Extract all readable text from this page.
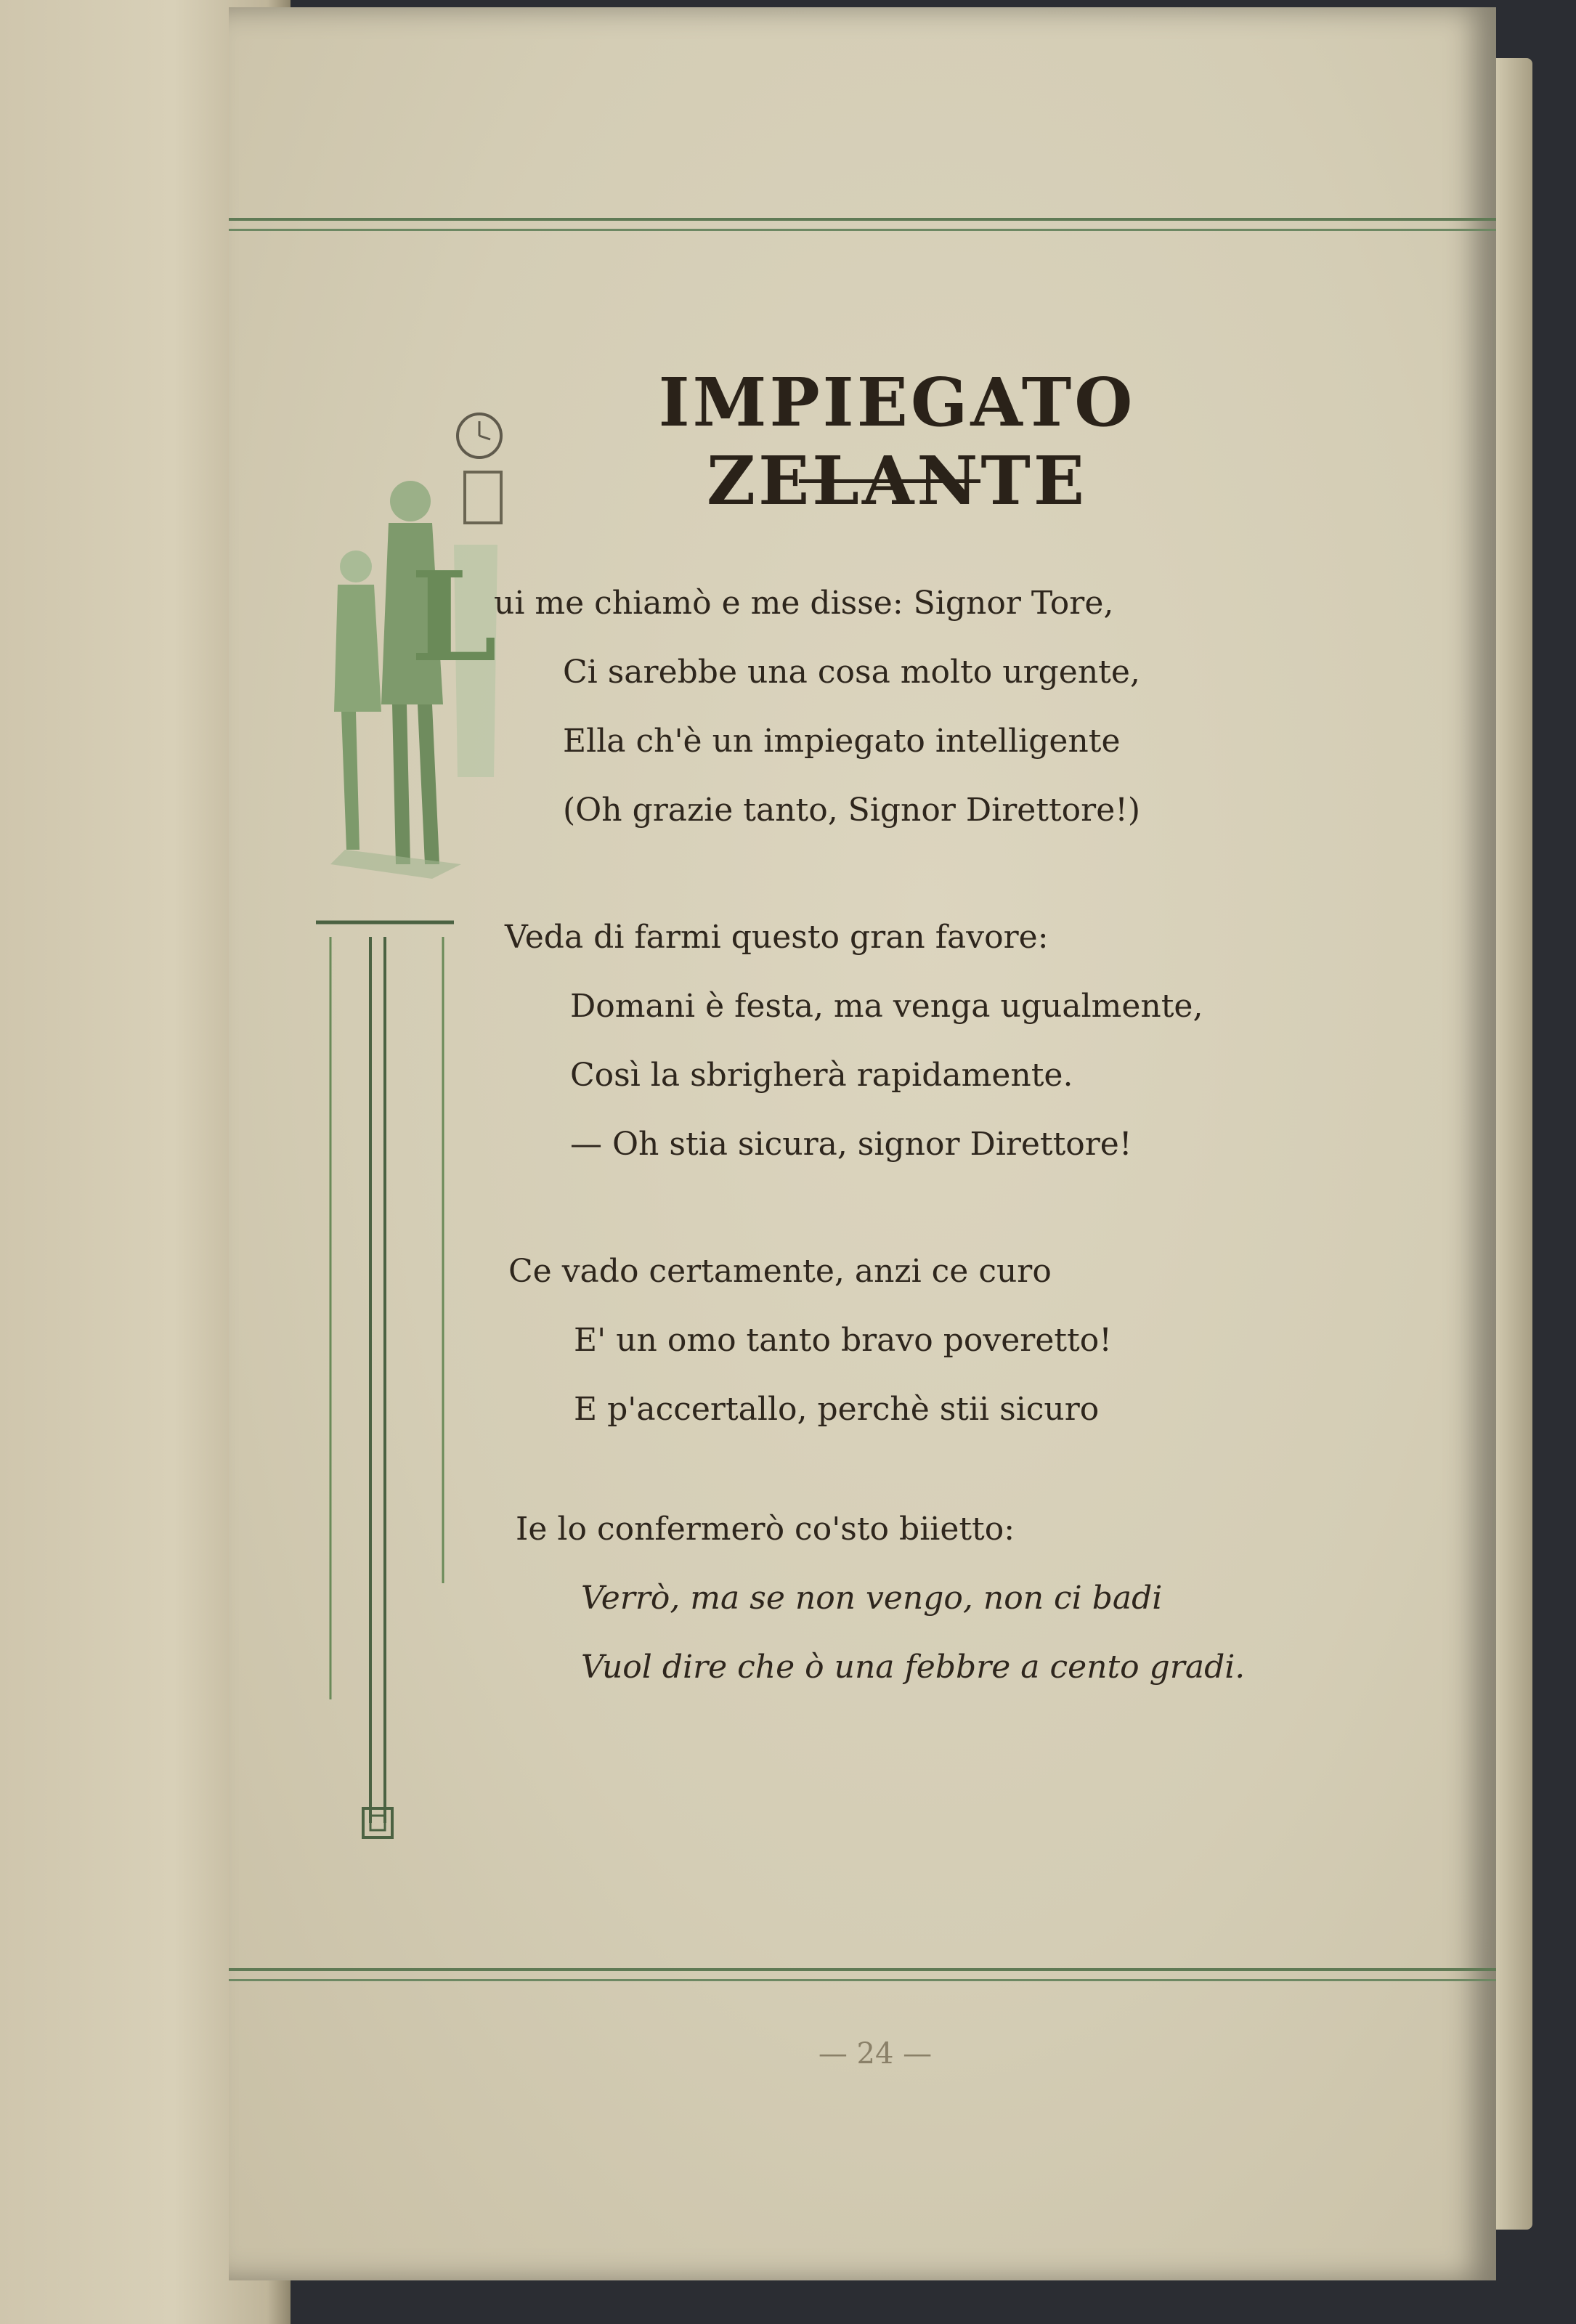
IMPIEGATO ZELANTE
L
ui me chiamò e me disse: Signor Tore,
Ci sarebbe una cosa molto urgente,
Ella ch'è un impiegato intelligente
(Oh grazie tanto, Signor Direttore!)
Veda di farmi questo gran favore:
Domani è festa, ma venga ugualmente,
Così la sbrigherà rapidamente.
— Oh stia sicura, signor Direttore!
Ce vado certamente, anzi ce curo
E' un omo tanto bravo poveretto!
E p'accertallo, perchè stii sicuro
Ie lo confermerò co'sto biietto:
Verrò, ma se non vengo, non ci badi
Vuol dire che ò una febbre a cento gradi.
— 24 —
